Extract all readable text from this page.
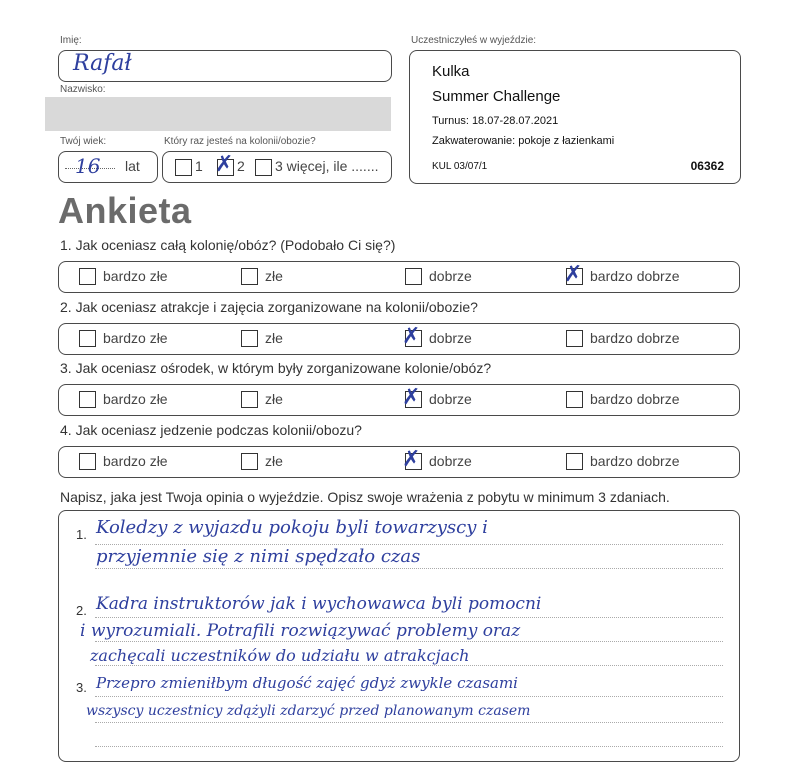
Imię:
Rafał
Nazwisko:
Twój wiek:
16 lat
Który raz jesteś na kolonii/obozie?
1 ✗ 2 3 więcej, ile .......
Uczestniczyłeś w wyjeździe:
Kulka
Summer Challenge
Turnus: 18.07-28.07.2021
Zakwaterowanie: pokoje z łazienkami
KUL 03/07/1	06362
Ankieta
1. Jak oceniasz całą kolonię/obóz? (Podobało Ci się?)
bardzo złe	złe	dobrze	✗ bardzo dobrze
2. Jak oceniasz atrakcje i zajęcia zorganizowane na kolonii/obozie?
bardzo złe	złe	✗ dobrze	bardzo dobrze
3. Jak oceniasz ośrodek, w którym były zorganizowane kolonie/obóz?
bardzo złe	złe	✗ dobrze	bardzo dobrze
4. Jak oceniasz jedzenie podczas kolonii/obozu?
bardzo złe	złe	✗ dobrze	bardzo dobrze
Napisz, jaka jest Twoja opinia o wyjeździe. Opisz swoje wrażenia z pobytu w minimum 3 zdaniach.
1. Koledzy z wyjazdu pokoju byli towarzyscy i
przyjemnie się z nimi spędzało czas
2. Kadra instruktorów jak i wychowawca byli pomocni
i wyrozumiali. Potrafili rozwiązywać problemy oraz
zachęcali uczestników do udziału w atrakcjach
3. Przepro zmieniłbym długość zajęć gdyż zwykle czasami
wszyscy uczestnicy zdążyli zdarzyć przed planowanym czasem
